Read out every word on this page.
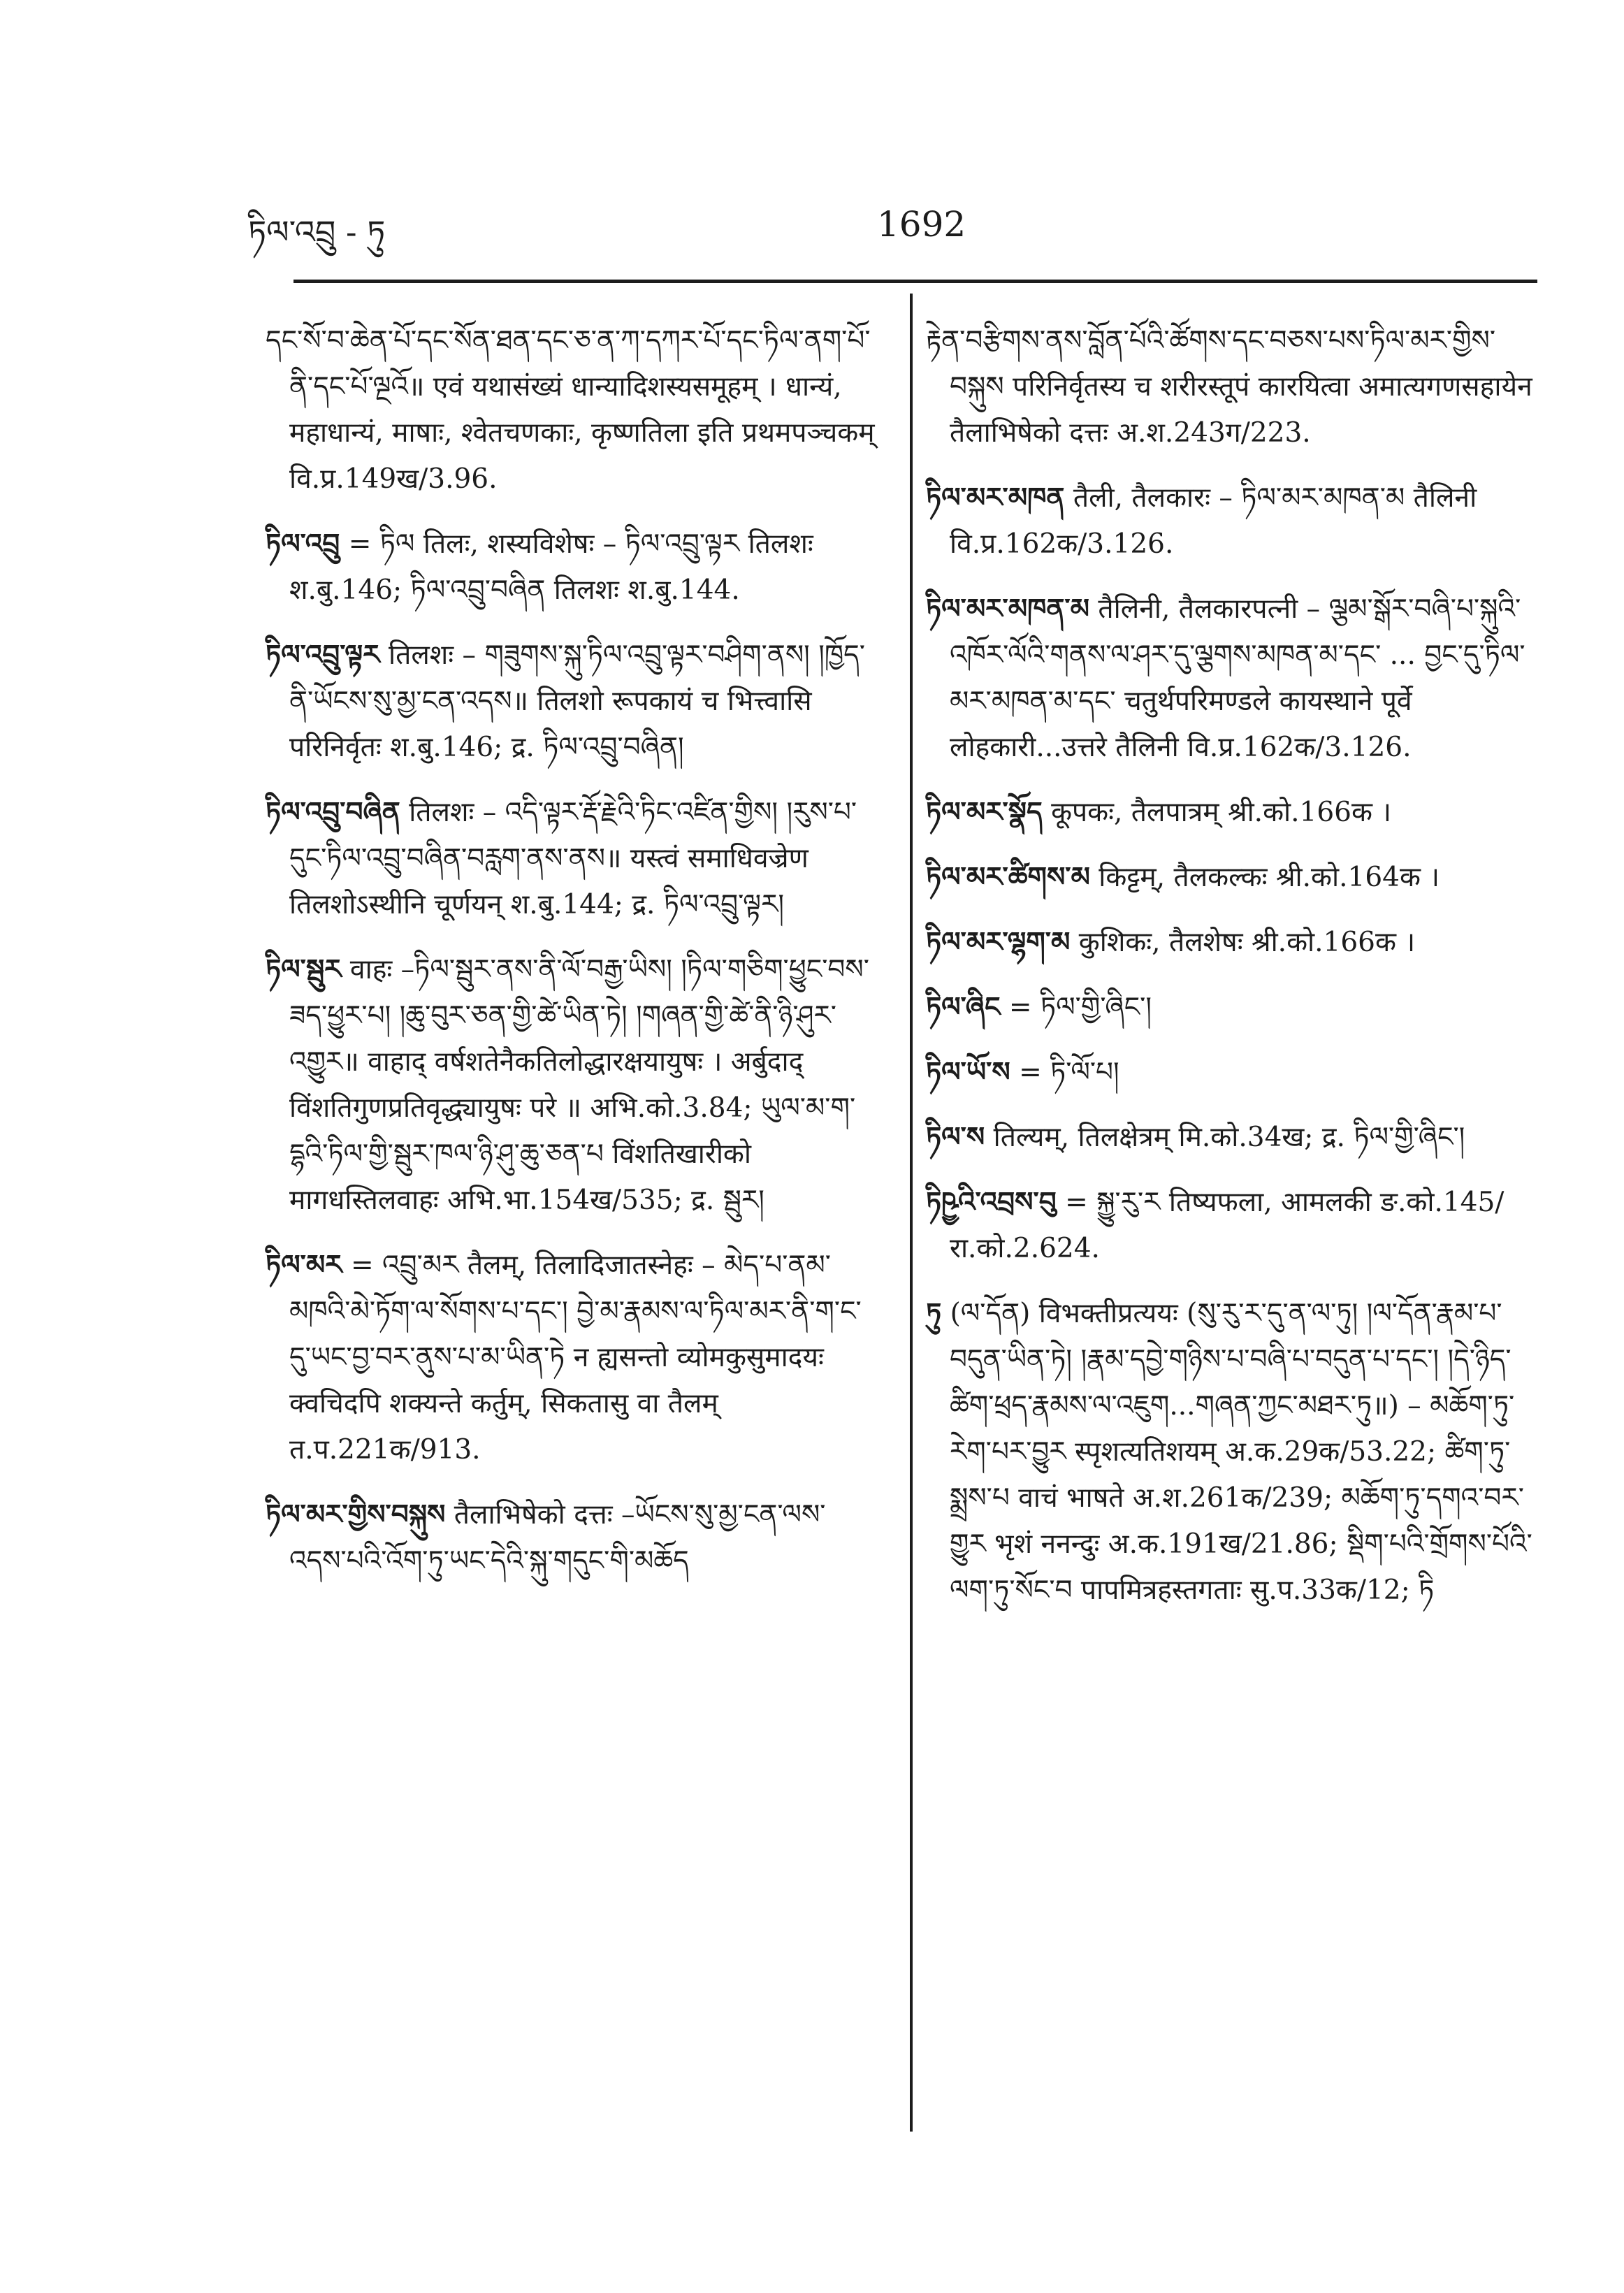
ཏིལ་འབྲུ - ཏུ	1692

དང་སོ་བ་ཆེན་པོ་དང་སོན་ཐན་དང་ཅ་ན་ཀ་དཀར་པོ་དང་ཏིལ་ནག་པོ་ནི་དང་པོ་ལྔའོ॥ एवं यथासंख्यं धान्यादिशस्यसमूहम् । धान्यं, महाधान्यं, माषाः, श्वेतचणकाः, कृष्णतिला इति प्रथमपञ्चकम् वि.प्र.149ख/3.96.

ཏིལ་འབྲུ = ཏིལ तिलः, शस्यविशेषः – ཏིལ་འབྲུ་ལྟར तिलशः श.बु.146; ཏིལ་འབྲུ་བཞིན तिलशः श.बु.144.
ཏིལ་འབྲུ་ལྟར तिलशः – གཟུགས་སྐུ་ཏིལ་འབྲུ་ལྟར་བཤིག་ནས། །ཁྱོད་ནི་ཡོངས་སུ་མྱ་ངན་འདས॥ तिलशो रूपकायं च भित्त्वासि परिनिर्वृतः श.बु.146; द्र. ཏིལ་འབྲུ་བཞིན།
ཏིལ་འབྲུ་བཞིན तिलशः – འདི་ལྟར་རྡོ་རྗེའི་ཏིང་འཛིན་གྱིས། །རུས་པ་དུང་ཏིལ་འབྲུ་བཞིན་བརླག་ནས་ནས॥ यस्त्वं समाधिवज्रेण तिलशोऽस्थीनि चूर्णयन् श.बु.144; द्र. ཏིལ་འབྲུ་ལྟར།
ཏིལ་སྦུར वाहः –ཏིལ་སྦུར་ནས་ནི་ལོ་བརྒྱ་ཡིས། །ཏིལ་གཅིག་ཕྱུང་བས་ཟད་ཕྱུར་པ། །ཆུ་བུར་ཅན་གྱི་ཚེ་ཡིན་ཏེ། །གཞན་གྱི་ཚེ་ནི་ཉི་ཤུར་འགྱུར॥ वाहाद् वर्षशतेनैकतिलोद्धारक्षयायुषः । अर्बुदाद् विंशतिगुणप्रतिवृद्ध्यायुषः परे ॥ अभि.को.3.84; ཡུལ་མ་ག་དྷའི་ཏིལ་གྱི་སྦུར་ཁལ་ཉི་ཤུ་ཆུ་ཅན་པ विंशतिखारीको मागधस्तिलवाहः अभि.भा.154ख/535; द्र. སྦུར།
ཏིལ་མར = འབྲུ་མར तैलम्, तिलादिजातस्नेहः – མེད་པ་ནམ་མཁའི་མེ་ཏོག་ལ་སོགས་པ་དང་། བྱེ་མ་རྣམས་ལ་ཏིལ་མར་ནི་ག་ང་དུ་ཡང་བྱ་བར་ནུས་པ་མ་ཡིན་ཏེ न ह्यसन्तो व्योमकुसुमादयः क्वचिदपि शक्यन्ते कर्तुम्, सिकतासु वा तैलम् त.प.221क/913.
ཏིལ་མར་གྱིས་བསྐུས तैलाभिषेको दत्तः –ཡོངས་སུ་མྱ་ངན་ལས་འདས་པའི་འོག་ཏུ་ཡང་དེའི་སྐུ་གདུང་གི་མཆོད

རྟེན་བརྩིགས་ནས་བློན་པོའི་ཚོགས་དང་བཅས་པས་ཏིལ་མར་གྱིས་བསྐུས परिनिर्वृतस्य च शरीरस्तूपं कारयित्वा अमात्यगणसहायेन तैलाभिषेको दत्तः अ.श.243ग/223.

ཏིལ་མར་མཁན तैली, तैलकारः – ཏིལ་མར་མཁན་མ तैलिनी वि.प्र.162क/3.126.
ཏིལ་མར་མཁན་མ तैलिनी, तैलकारपत्नी – ལྕམ་སྒོར་བཞི་པ་སྐུའི་འཁོར་ལོའི་གནས་ལ་ཤར་དུ་ལྕགས་མཁན་མ་དང་ ... བྱང་དུ་ཏིལ་མར་མཁན་མ་དང་ चतुर्थपरिमण्डले कायस्थाने पूर्वे लोहकारी...उत्तरे तैलिनी वि.प्र.162क/3.126.
ཏིལ་མར་སྣོད कूपकः, तैलपात्रम् श्री.को.166क ।
ཏིལ་མར་ཚིགས་མ किट्टम्, तैलकल्कः श्री.को.164क ।
ཏིལ་མར་ལྷག་མ कुशिकः, तैलशेषः श्री.को.166क ।
ཏིལ་ཞིང = ཏིལ་གྱི་ཞིང་།
ཏིལ་ཡོ་ས = ཏི་ལོ་པ།
ཏིལ་ས तिल्यम्, तिलक्षेत्रम् मि.को.34ख; द्र. ཏིལ་གྱི་ཞིང་།
ཏིཥྱའི་འབྲས་བུ = སྐྱུ་རུ་ར तिष्यफला, आमलकी ङ.को.145/रा.को.2.624.
ཏུ (ལ་དོན) विभक्तीप्रत्ययः (སུ་རུ་ར་དུ་ན་ལ་ཏུ། །ལ་དོན་རྣམ་པ་བདུན་ཡིན་ཏེ། །རྣམ་དབྱེ་གཉིས་པ་བཞི་པ་བདུན་པ་དང་། །དེ་ཉིད་ཚིག་ཕྲད་རྣམས་ལ་འཇུག...གཞན་ཀྱང་མཐར་ཏུ॥) – མཆོག་ཏུ་རེག་པར་བྱུར स्पृशत्यतिशयम् अ.क.29क/53.22; ཚིག་ཏུ་སྨྲས་པ वाचं भाषते अ.श.261क/239; མཆོག་ཏུ་དགའ་བར་གྱུར भृशं ननन्दुः अ.क.191ख/21.86; སྡིག་པའི་གྲོགས་པོའི་ལག་ཏུ་སོང་བ पापमित्रहस्तगताः सु.प.33क/12; ཏི
